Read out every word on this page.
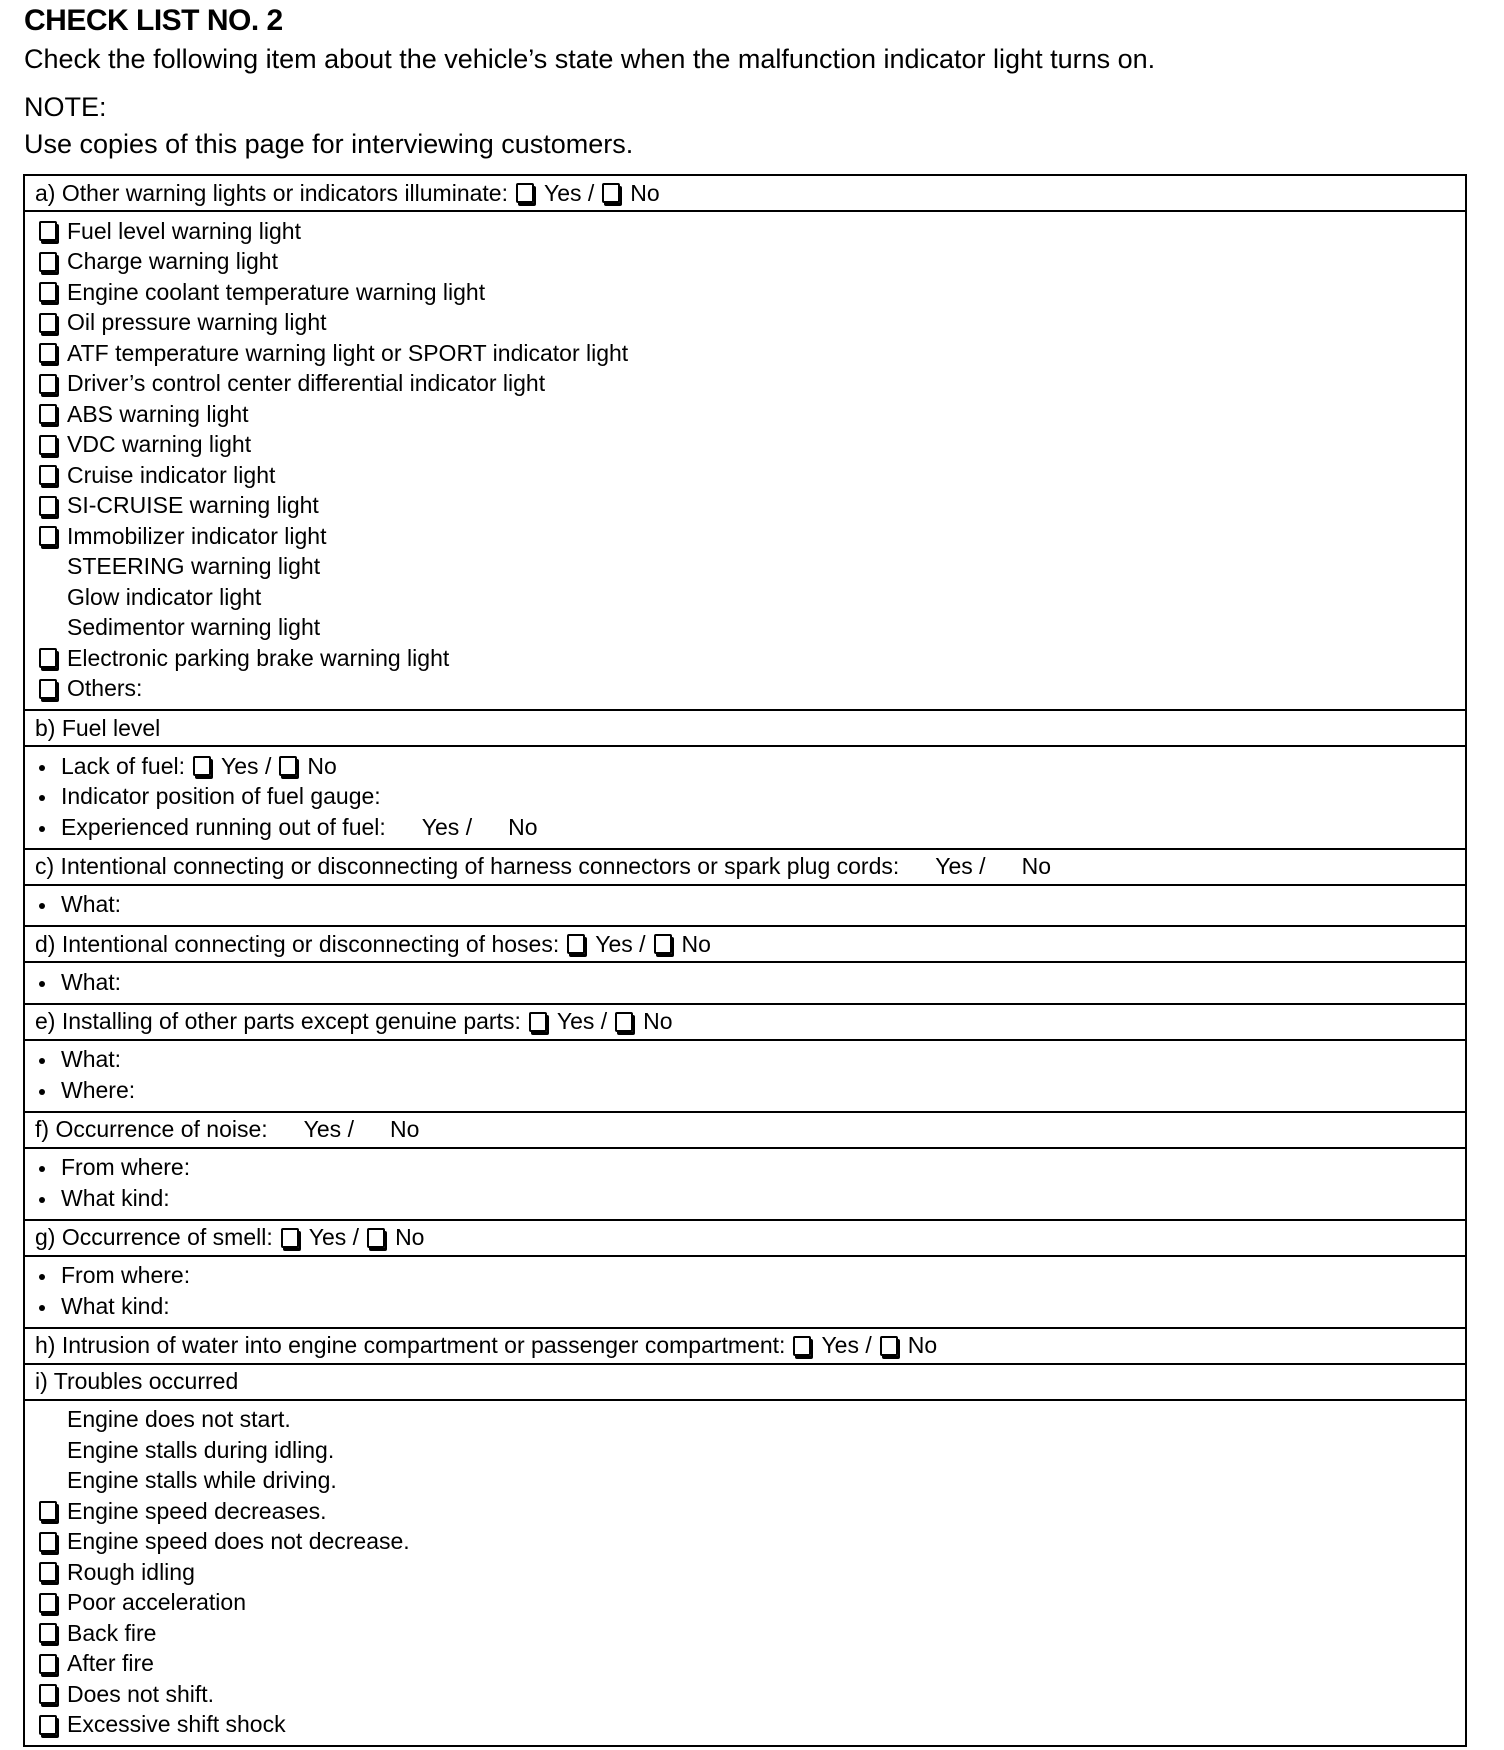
CHECK LIST NO. 2
Check the following item about the vehicle’s state when the malfunction indicator light turns on.
NOTE:
Use copies of this page for interviewing customers.
a) Other warning lights or indicators illuminate: Yes / No
Fuel level warning light
Charge warning light
Engine coolant temperature warning light
Oil pressure warning light
ATF temperature warning light or SPORT indicator light
Driver’s control center differential indicator light
ABS warning light
VDC warning light
Cruise indicator light
SI-CRUISE warning light
Immobilizer indicator light
STEERING warning light
Glow indicator light
Sedimentor warning light
Electronic parking brake warning light
Others:
b) Fuel level
Lack of fuel: Yes / No
Indicator position of fuel gauge:
Experienced running out of fuel: Yes / No
c) Intentional connecting or disconnecting of harness connectors or spark plug cords: Yes / No
What:
d) Intentional connecting or disconnecting of hoses: Yes / No
What:
e) Installing of other parts except genuine parts: Yes / No
What:
Where:
f) Occurrence of noise: Yes / No
From where:
What kind:
g) Occurrence of smell: Yes / No
From where:
What kind:
h) Intrusion of water into engine compartment or passenger compartment: Yes / No
i) Troubles occurred
Engine does not start.
Engine stalls during idling.
Engine stalls while driving.
Engine speed decreases.
Engine speed does not decrease.
Rough idling
Poor acceleration
Back fire
After fire
Does not shift.
Excessive shift shock
